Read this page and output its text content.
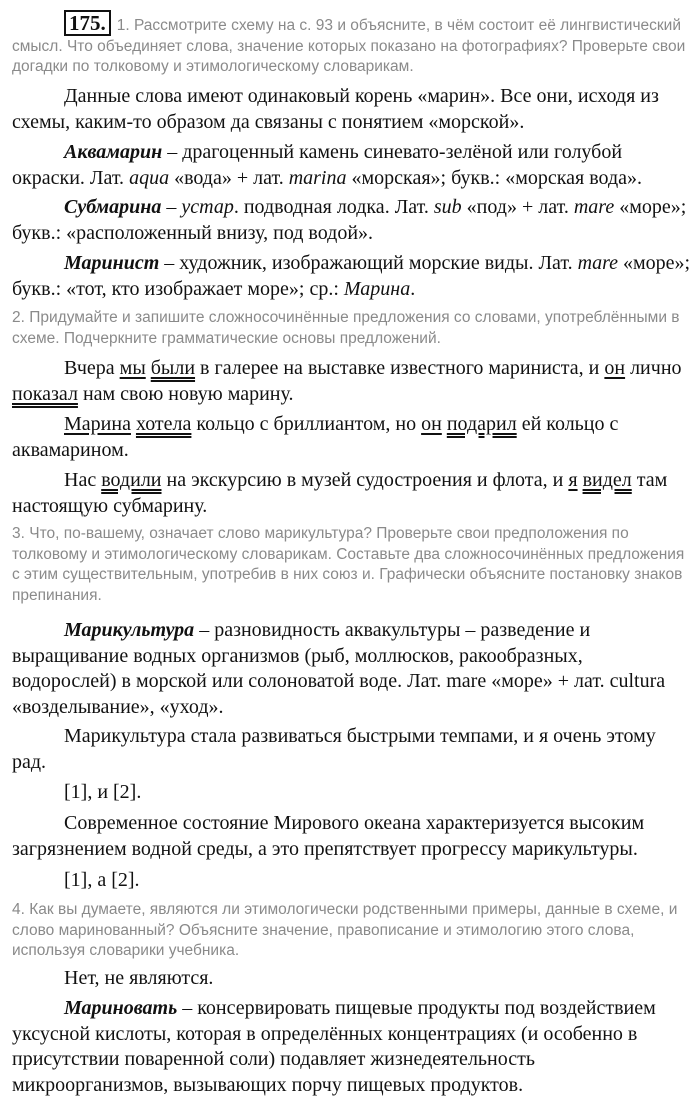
175. 1. Рассмотрите схему на с. 93 и объясните, в чём состоит её лингвистический смысл. Что объединяет слова, значение которых показано на фотографиях? Проверьте свои догадки по толковому и этимологическому словарикам.

Данные слова имеют одинаковый корень «марин». Все они, исходя из схемы, каким-то образом да связаны с понятием «морской».

Аквамарин – драгоценный камень синевато-зелёной или голубой окраски. Лат. aqua «вода» + лат. marina «морская»; букв.: «морская вода».

Субмарина – устар. подводная лодка. Лат. sub «под» + лат. mare «море»; букв.: «расположенный внизу, под водой».

Маринист – художник, изображающий морские виды. Лат. mare «море»; букв.: «тот, кто изображает море»; ср.: Марина.

2. Придумайте и запишите сложносочинённые предложения со словами, употреблёнными в схеме. Подчеркните грамматические основы предложений.

Вчера мы были в галерее на выставке известного мариниста, и он лично показал нам свою новую марину.

Марина хотела кольцо с бриллиантом, но он подарил ей кольцо с аквамарином.

Нас водили на экскурсию в музей судостроения и флота, и я видел там настоящую субмарину.

3. Что, по-вашему, означает слово марикультура? Проверьте свои предположения по толковому и этимологическому словарикам. Составьте два сложносочинённых предложения с этим существительным, употребив в них союз и. Графически объясните постановку знаков препинания.

Марикультура – разновидность аквакультуры – разведение и выращивание водных организмов (рыб, моллюсков, ракообразных, водорослей) в морской или солоноватой воде. Лат. mare «море» + лат. cultura «возделывание», «уход».

Марикультура стала развиваться быстрыми темпами, и я очень этому рад.

[1], и [2].

Современное состояние Мирового океана характеризуется высоким загрязнением водной среды, а это препятствует прогрессу марикультуры.

[1], а [2].

4. Как вы думаете, являются ли этимологически родственными примеры, данные в схеме, и слово маринованный? Объясните значение, правописание и этимологию этого слова, используя словарики учебника.

Нет, не являются.

Мариновать – консервировать пищевые продукты под воздействием уксусной кислоты, которая в определённых концентрациях (и особенно в присутствии поваренной соли) подавляет жизнедеятельность микроорганизмов, вызывающих порчу пищевых продуктов.
